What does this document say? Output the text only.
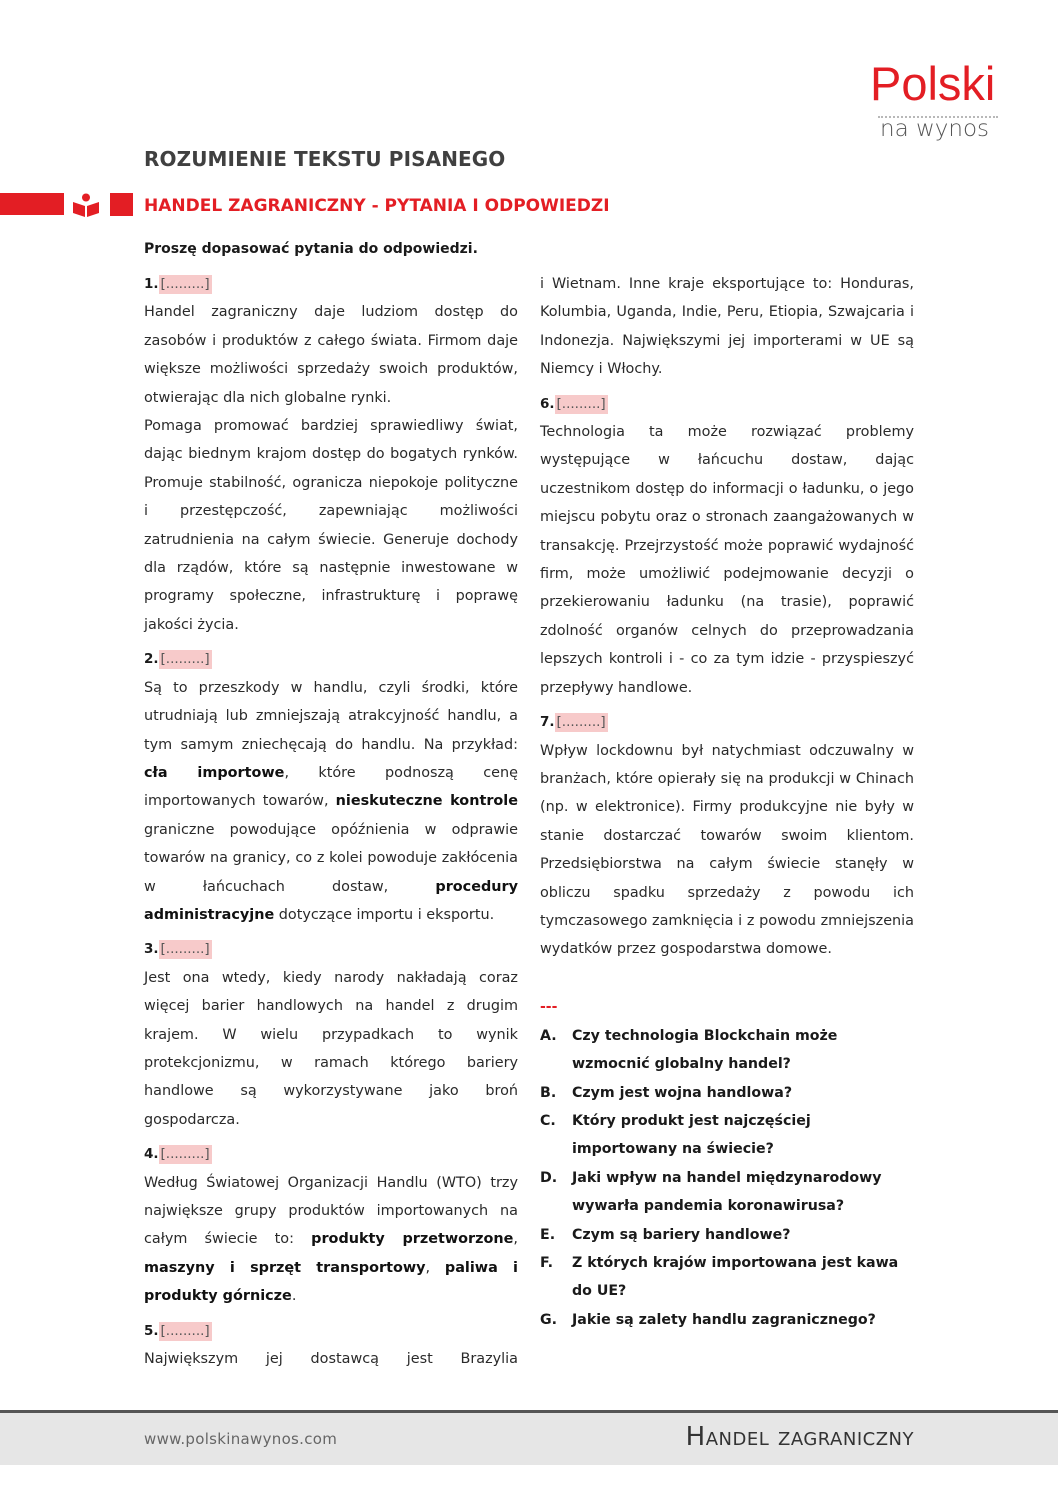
Polski
na wynos
ROZUMIENIE TEKSTU PISANEGO
HANDEL ZAGRANICZNY - PYTANIA I ODPOWIEDZI
Proszę dopasować pytania do odpowiedzi.
1. [.........]
Handel zagraniczny daje ludziom dostęp do zasobów i produktów z całego świata. Firmom daje większe możliwości sprzedaży swoich produktów, otwierając dla nich globalne rynki.
Pomaga promować bardziej sprawiedliwy świat, dając biednym krajom dostęp do bogatych rynków. Promuje stabilność, ogranicza niepokoje polityczne i przestępczość, zapewniając możliwości zatrudnienia na całym świecie. Generuje dochody dla rządów, które są następnie inwestowane w programy społeczne, infrastrukturę i poprawę jakości życia.
2. [.........]
Są to przeszkody w handlu, czyli środki, które utrudniają lub zmniejszają atrakcyjność handlu, a tym samym zniechęcają do handlu. Na przykład: cła importowe, które podnoszą cenę importowanych towarów, nieskuteczne kontrole graniczne powodujące opóźnienia w odprawie towarów na granicy, co z kolei powoduje zakłócenia w łańcuchach dostaw, procedury administracyjne dotyczące importu i eksportu.
3. [.........]
Jest ona wtedy, kiedy narody nakładają coraz więcej barier handlowych na handel z drugim krajem. W wielu przypadkach to wynik protekcjonizmu, w ramach którego bariery handlowe są wykorzystywane jako broń gospodarcza.
4. [.........]
Według Światowej Organizacji Handlu (WTO) trzy największe grupy produktów importowanych na całym świecie to: produkty przetworzone, maszyny i sprzęt transportowy, paliwa i produkty górnicze.
5. [.........]
Największym jej dostawcą jest Brazylia
i Wietnam. Inne kraje eksportujące to: Honduras, Kolumbia, Uganda, Indie, Peru, Etiopia, Szwajcaria i Indonezja. Największymi jej importerami w UE są Niemcy i Włochy.
6. [.........]
Technologia ta może rozwiązać problemy występujące w łańcuchu dostaw, dając uczestnikom dostęp do informacji o ładunku, o jego miejscu pobytu oraz o stronach zaangażowanych w transakcję. Przejrzystość może poprawić wydajność firm, może umożliwić podejmowanie decyzji o przekierowaniu ładunku (na trasie), poprawić zdolność organów celnych do przeprowadzania lepszych kontroli i - co za tym idzie - przyspieszyć przepływy handlowe.
7. [.........]
Wpływ lockdownu był natychmiast odczuwalny w branżach, które opierały się na produkcji w Chinach (np. w elektronice). Firmy produkcyjne nie były w stanie dostarczać towarów swoim klientom. Przedsiębiorstwa na całym świecie stanęły w obliczu spadku sprzedaży z powodu ich tymczasowego zamknięcia i z powodu zmniejszenia wydatków przez gospodarstwa domowe.
---
A.	Czy technologia Blockchain może wzmocnić globalny handel?
B.	Czym jest wojna handlowa?
C.	Który produkt jest najczęściej importowany na świecie?
D.	Jaki wpływ na handel międzynarodowy wywarła pandemia koronawirusa?
E.	Czym są bariery handlowe?
F.	Z których krajów importowana jest kawa do UE?
G.	Jakie są zalety handlu zagranicznego?
www.polskinawynos.com	Handel zagraniczny
